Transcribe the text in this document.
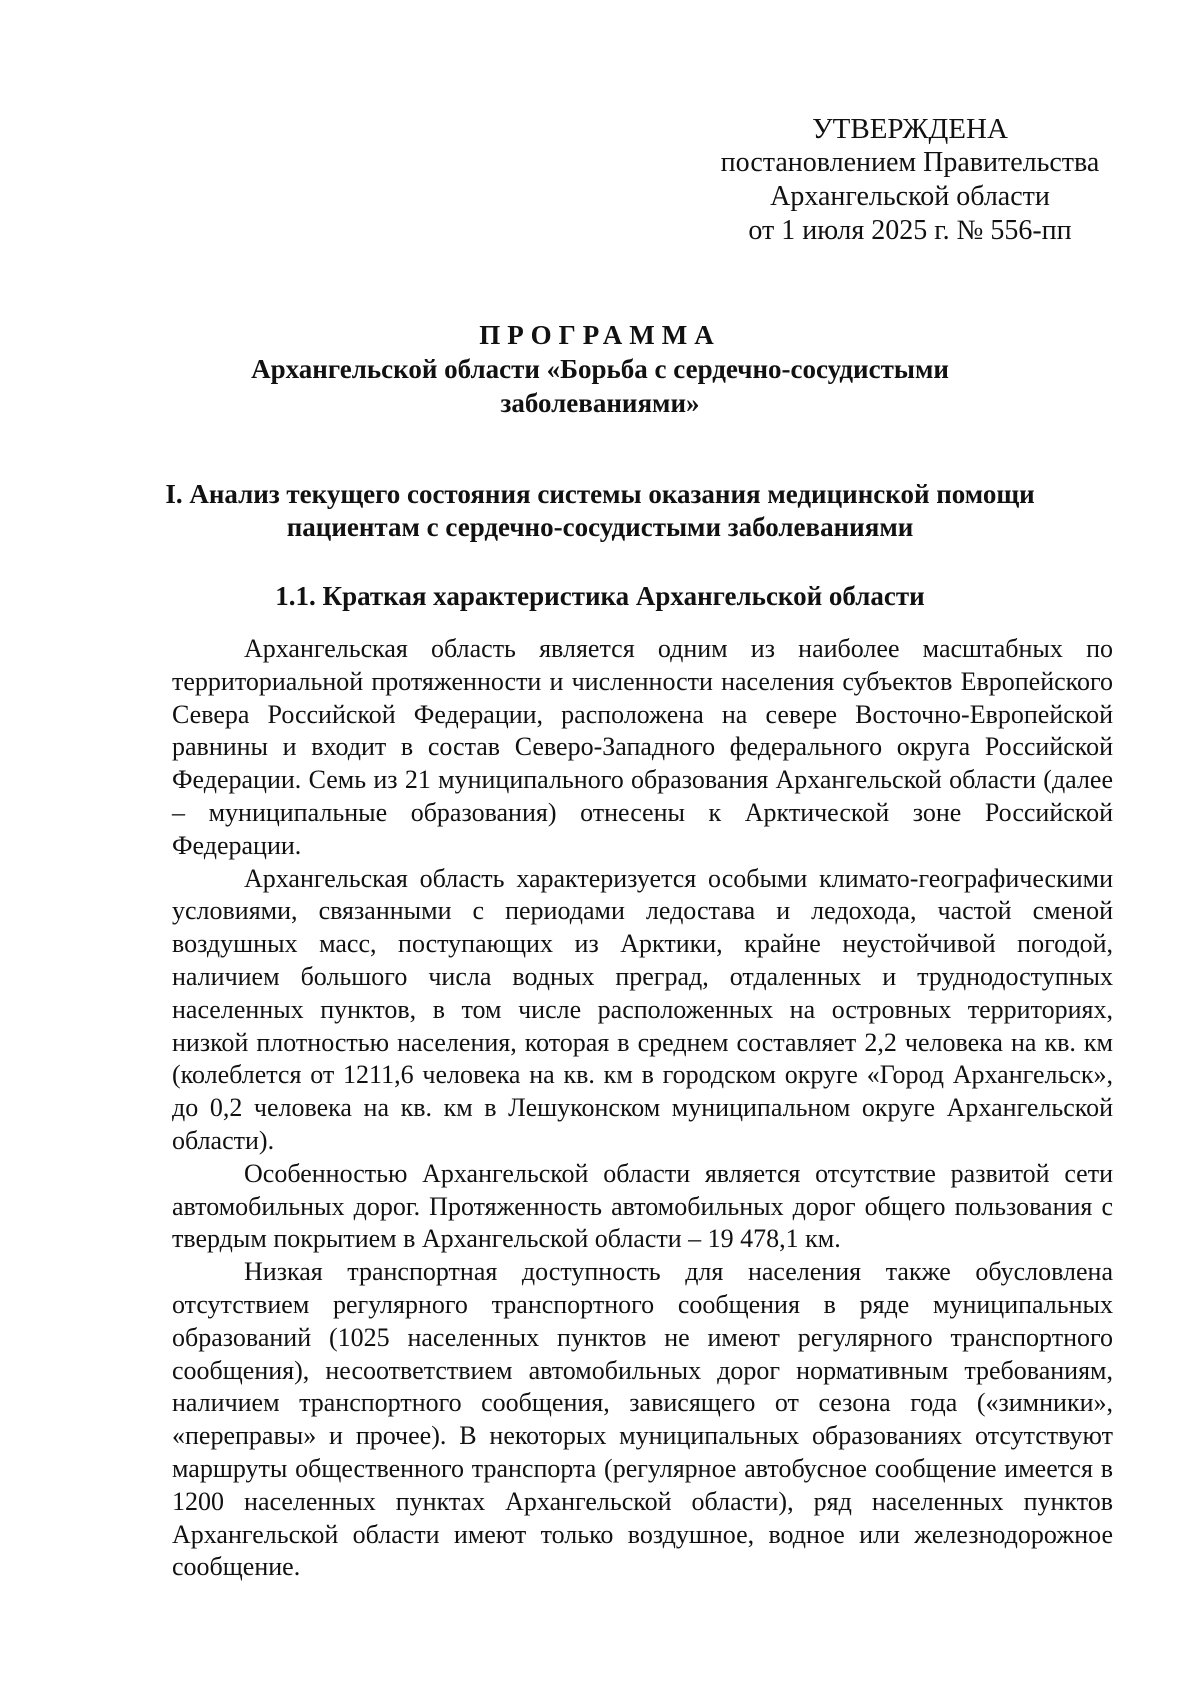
УТВЕРЖДЕНА
постановлением Правительства
Архангельской области
от 1 июля 2025 г. № 556-пп
ПРОГРАММА
Архангельской области «Борьба с сердечно-сосудистыми
заболеваниями»
I. Анализ текущего состояния системы оказания медицинской помощи
пациентам с сердечно-сосудистыми заболеваниями
1.1. Краткая характеристика Архангельской области

Архангельская область является одним из наиболее масштабных по территориальной протяженности и численности населения субъектов Европейского Севера Российской Федерации, расположена на севере Восточно-Европейской равнины и входит в состав Северо-Западного федерального округа Российской Федерации. Семь из 21 муниципального образования Архангельской области (далее – муниципальные образования) отнесены к Арктической зоне Российской Федерации.

Архангельская область характеризуется особыми климато-географическими условиями, связанными с периодами ледостава и ледохода, частой сменой воздушных масс, поступающих из Арктики, крайне неустойчивой погодой, наличием большого числа водных преград, отдаленных и труднодоступных населенных пунктов, в том числе расположенных на островных территориях, низкой плотностью населения, которая в среднем составляет 2,2 человека на кв. км (колеблется от 1211,6 человека на кв. км в городском округе «Город Архангельск», до 0,2 человека на кв. км в Лешуконском муниципальном округе Архангельской области).

Особенностью Архангельской области является отсутствие развитой сети автомобильных дорог. Протяженность автомобильных дорог общего пользования с твердым покрытием в Архангельской области – 19 478,1 км.

Низкая транспортная доступность для населения также обусловлена отсутствием регулярного транспортного сообщения в ряде муниципальных образований (1025 населенных пунктов не имеют регулярного транспортного сообщения), несоответствием автомобильных дорог нормативным требованиям, наличием транспортного сообщения, зависящего от сезона года («зимники», «переправы» и прочее). В некоторых муниципальных образованиях отсутствуют маршруты общественного транспорта (регулярное автобусное сообщение имеется в 1200 населенных пунктах Архангельской области), ряд населенных пунктов Архангельской области имеют только воздушное, водное или железнодорожное сообщение.
